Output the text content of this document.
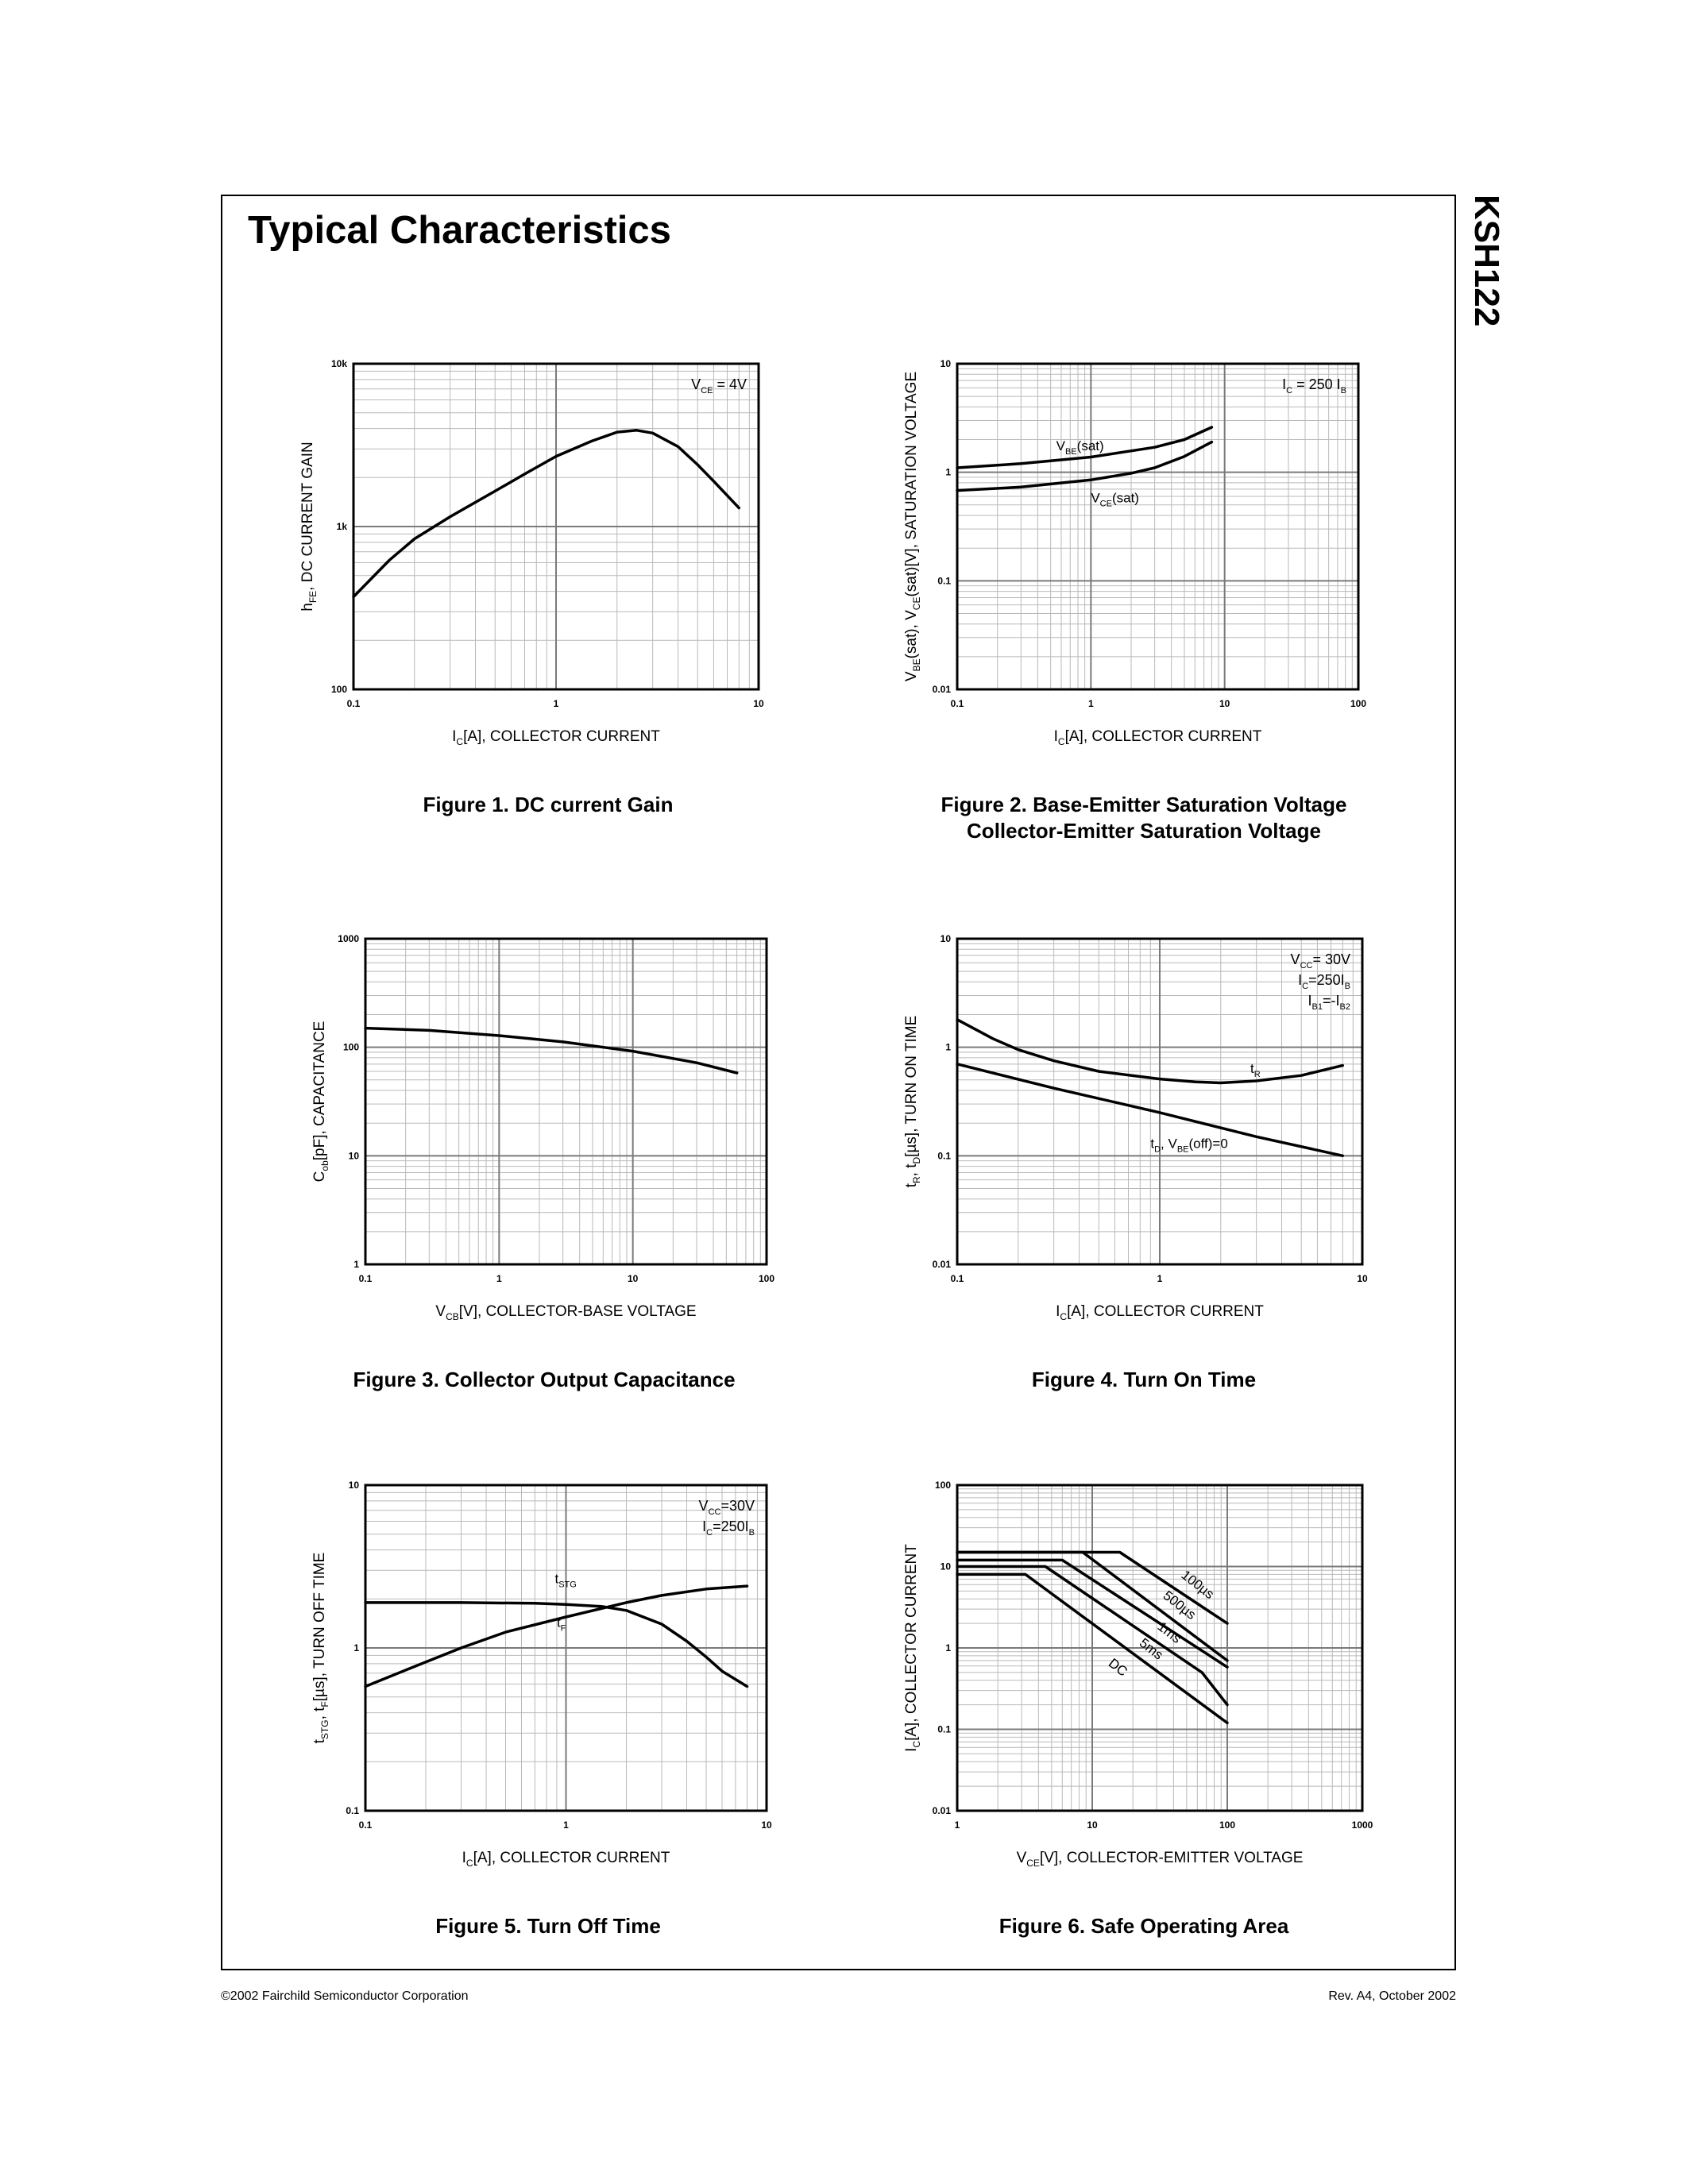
Typical Characteristics	KSH122
0.1	1	10
100
1k
10k
$I_C[A]$, COLLECTOR CURRENT
$h_{FE}$, DC CURRENT GAIN
$V_{CE} = 4V$
0.1	1	10	100
0.01
0.1
1
10
$I_C[A]$, COLLECTOR CURRENT
$V_{BE}(sat)$, $V_{CE}(sat)[V]$, SATURATION VOLTAGE	$I_C = 250$ $I_B$
$V_{BE}(sat)$
$V_{CE}(sat)$
0.1	1	10	100
1
10
100
1000
$V_{CB}[V]$, COLLECTOR-BASE VOLTAGE
$C_{ob}[pF]$, CAPACITANCE
0.1	1	10
0.01
0.1
1
10
$I_C[A]$, COLLECTOR CURRENT
$t_R$, $t_D[\mu s]$, TURN ON TIME
$V_{CC}= 30V$
$I_C=250I_B$
$I_{B1}=-I_{B2}$
$t_R$
$t_D$, $V_{BE}(off)=0$
0.1	1	10
0.1
1
10
$I_C[A]$, COLLECTOR CURRENT
$t_{STG}$, $t_F[\mu s]$, TURN OFF TIME
$V_{CC}=30V$
$I_C=250I_B$
$t_{STG}$
$t_F$
1	10	100	1000
0.01
0.1
1
10
100
$V_{CE}[V]$, COLLECTOR-EMITTER VOLTAGE
$I_C[A]$, COLLECTOR CURRENT	100µs
500µs
1ms
5ms
DC
Figure 1. DC current Gain	Figure 2. Base-Emitter Saturation Voltage
Collector-Emitter Saturation Voltage
Figure 3. Collector Output Capacitance	Figure 4. Turn On Time
Figure 5. Turn Off Time	Figure 6. Safe Operating Area
©2002 Fairchild Semiconductor Corporation	Rev. A4, October 2002
